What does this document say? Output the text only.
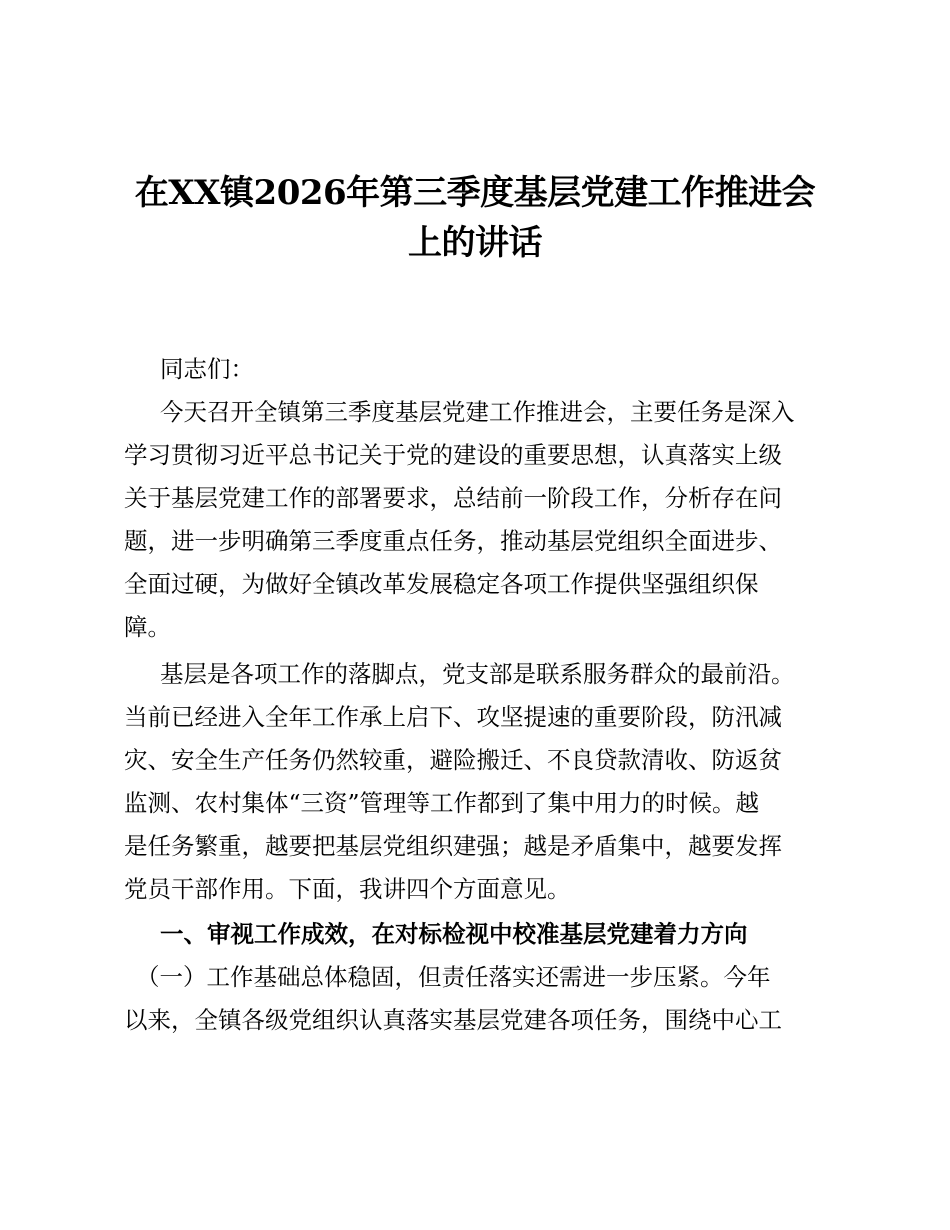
在XX镇2026年第三季度基层党建工作推进会
上的讲话
同志们：
今天召开全镇第三季度基层党建工作推进会，主要任务是深入
学习贯彻习近平总书记关于党的建设的重要思想，认真落实上级
关于基层党建工作的部署要求，总结前一阶段工作，分析存在问
题，进一步明确第三季度重点任务，推动基层党组织全面进步、
全面过硬，为做好全镇改革发展稳定各项工作提供坚强组织保
障。
基层是各项工作的落脚点，党支部是联系服务群众的最前沿。
当前已经进入全年工作承上启下、攻坚提速的重要阶段，防汛减
灾、安全生产任务仍然较重，避险搬迁、不良贷款清收、防返贫
监测、农村集体“三资”管理等工作都到了集中用力的时候。越
是任务繁重，越要把基层党组织建强；越是矛盾集中，越要发挥
党员干部作用。下面，我讲四个方面意见。
一、审视工作成效，在对标检视中校准基层党建着力方向
（一）工作基础总体稳固，但责任落实还需进一步压紧。今年
以来，全镇各级党组织认真落实基层党建各项任务，围绕中心工
